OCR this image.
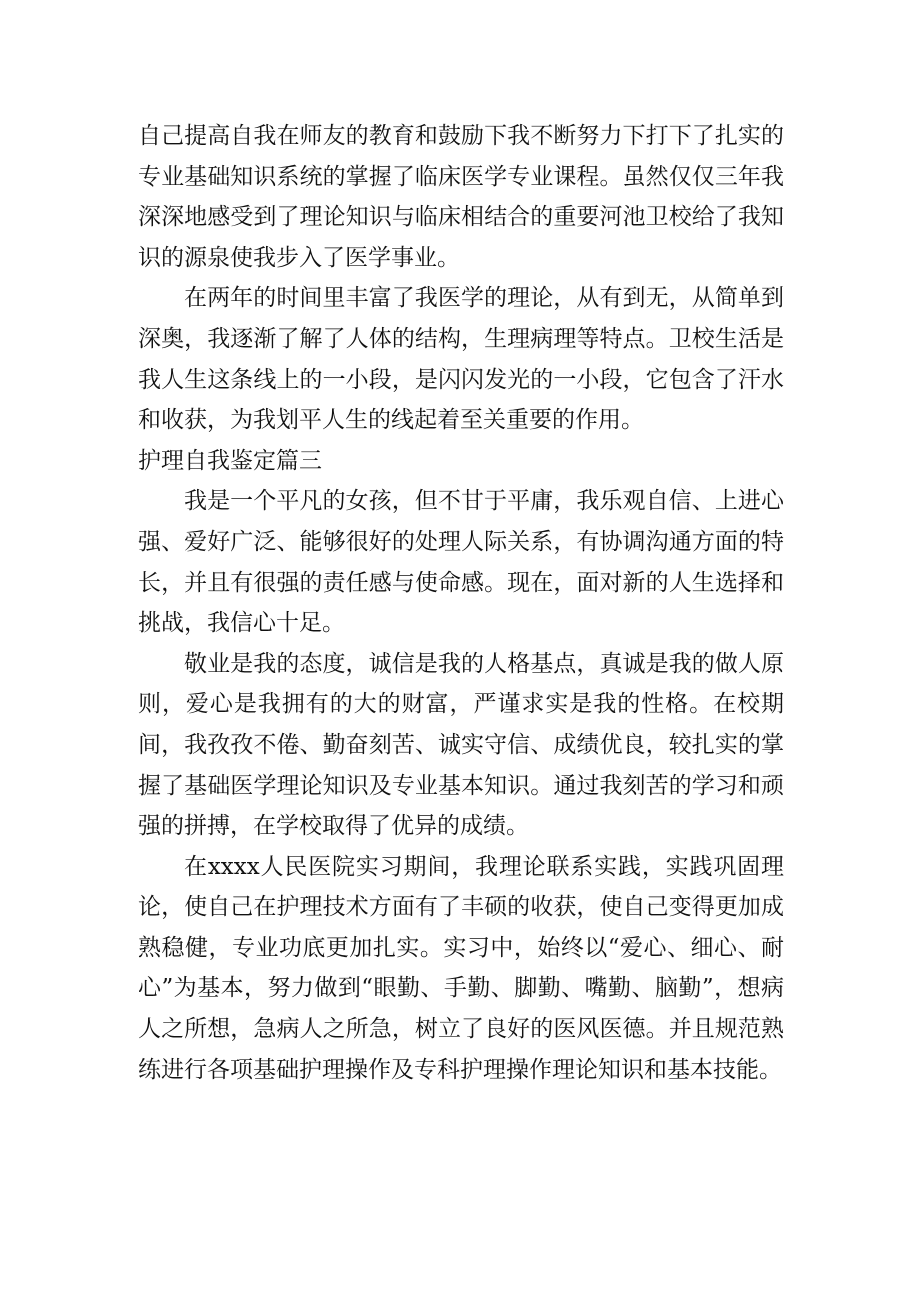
自己提高自我在师友的教育和鼓励下我不断努力下打下了扎实的专业基础知识系统的掌握了临床医学专业课程。虽然仅仅三年我深深地感受到了理论知识与临床相结合的重要河池卫校给了我知识的源泉使我步入了医学事业。

在两年的时间里丰富了我医学的理论，从有到无，从简单到深奥，我逐渐了解了人体的结构，生理病理等特点。卫校生活是我人生这条线上的一小段，是闪闪发光的一小段，它包含了汗水和收获，为我划平人生的线起着至关重要的作用。

护理自我鉴定篇三

我是一个平凡的女孩，但不甘于平庸，我乐观自信、上进心强、爱好广泛、能够很好的处理人际关系，有协调沟通方面的特长，并且有很强的责任感与使命感。现在，面对新的人生选择和挑战，我信心十足。

敬业是我的态度，诚信是我的人格基点，真诚是我的做人原则，爱心是我拥有的大的财富，严谨求实是我的性格。在校期间，我孜孜不倦、勤奋刻苦、诚实守信、成绩优良，较扎实的掌握了基础医学理论知识及专业基本知识。通过我刻苦的学习和顽强的拼搏，在学校取得了优异的成绩。

在xxxx人民医院实习期间，我理论联系实践，实践巩固理论，使自己在护理技术方面有了丰硕的收获，使自己变得更加成熟稳健，专业功底更加扎实。实习中，始终以“爱心、细心、耐心”为基本，努力做到“眼勤、手勤、脚勤、嘴勤、脑勤”，想病人之所想，急病人之所急，树立了良好的医风医德。并且规范熟练进行各项基础护理操作及专科护理操作理论知识和基本技能。
